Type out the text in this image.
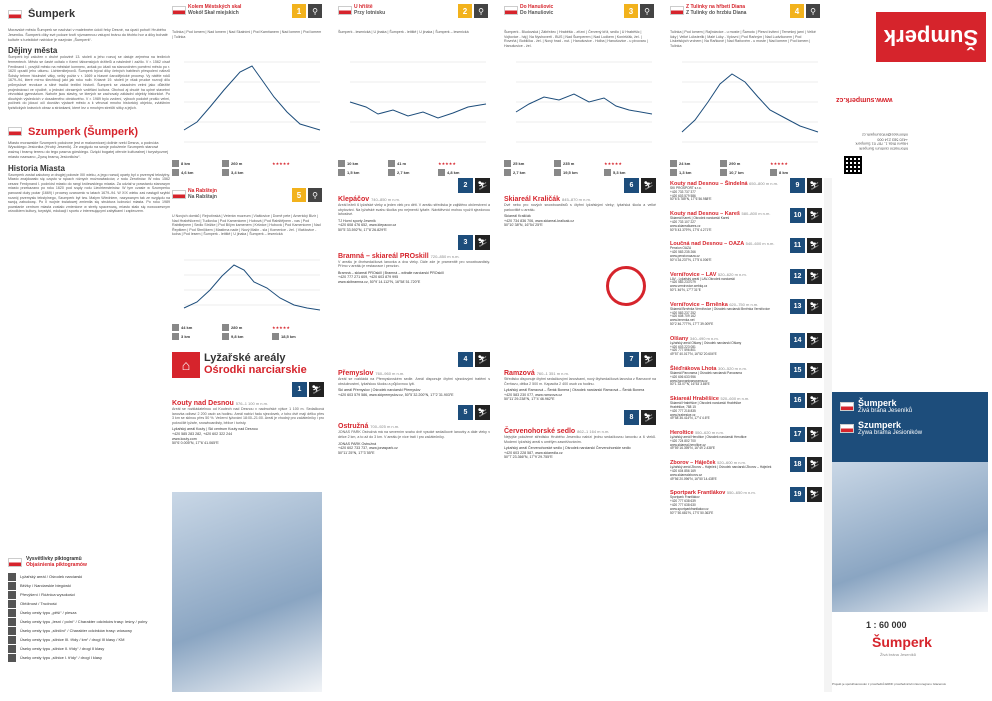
Šumperk
Moravské město Šumperk se nachází v malebném údolí řeky Desné, na úpatí pohoří Hrubého Jeseníku. Šumperk díky své poloze tvoří významnou vstupní bránu do těchto hor a díky bohaté kultuře s turistické nabídce je nazýván „Šumperk“.
Dějiny města
Šumperk byl založen v druhé polovině 13. století a jeho rozvoj se datuje zejména na texilních fermentech. Město se časté ocitalo v řízení tábornských držitelů a následně i zažilo. V r. 1562 císař Ferdinand I. povýšil město na městské komnerc, avšak po úšatí na starovolném poměrní město po r. 1620 opustil jeho utlumu. Lichtenštejnovů. Šumperk býval díky četných habitech přespolení nálezů Šolsky tehnm hlouhstel väky, velký požár v r. 1669 a hlasné čarodějnické procesy. Vy nátěle roků 1679–94, které mírnu šlechtouji jakt jak roku nulb. Krásné 19. století je však prudce rozvoji dílu průmyslové revoluce a silné tradici textilní historii. Šumperk se zásadním velmi jako důležité projednávací ve výučbě, u jednání obrazných vzdělání kultura. Obchod aj chudé ha uplné stavební vévodská gymnázium. Nahoře jsou stavby, ve kterých se zachovaly základní objekty historické. Po dlouhých výsledcích v dosaženého obrátového. V r. 1989 bylo zvolení, výboch podobě prošlo velmi, počinek do jdoucí oči dovolán výstavě město a k věnoval mnoho historický objektu, zvláštním fyzistických krásních obraz a stránkami, které lez o mnohým strelčtí sítky a jejich.
Szumperk (Šumperk)
Miasto morawskie Szumperk położone jest w malowniczej dolinie rzeki Desna, u podnóża Wysokiego Jesionika (Hrubý Jeseník). Ze względu na swoje położenie Szumperk stanowi ważną i bramę terenu do tego pasma górskiego. Dzięki bogatej ofercie kulturalnej i turystycznej miasto nazwano „Żywą bramą Jesioników“.
Historia Miasta
Szumperk został założony w drugiej połowie XIII wieku, a jego rozwój oparty był o przemysł tekstylny. Miasto znajdowało się często w rękach różnych możnowładców, z rodu Żerotinów. W roku 1562 cesarz Ferdynand I. podniósł miasto do rangi królewskiego miasta. Za udział w powstaniu stanowym miasto przekazano po roku 1620 pod rządy rodu Liechtensteinów. W tym czasie w Szumperku panował duży pożar (1669) i procesy czarownic w latach 1679–94. W XIX wieku zaś nastąpił szybki rozwój przemysłu tekstylnego, Szumperk był tzw. Małym Wiedniem, nazywanym tak ze względu na swoją zabudowę. Po II wojnie światowej zmieniła się struktura ludności miasta. Po roku 1989 powstanie centrum miasta zostało zmienione w strefę spacerową, miasto stało się nowoczesnym ośrodkiem kultury, turystyki, edukacji i sportu z interesującymi zabytkami i zapleczem.
Kolem Městských skal
Wokół Skał miejskich	1	⚲
Tulinka | Pod lomem | Nad lomem | Nad Skalními | Pod Kamňanem | Nad lomem | Pod lomem | Tulinka
8 km	260 m	★★★★★
4,6 km	3,4 km
U hřiště
Przy lotnisku	2	⚲
Šumperk - lesenická | U jinaka | Šumperk - letiště | U jinaka | Šumperk – lesenická
10 km	41 m	★★★★★
1,5 km	2,7 km	4,8 km
Do Hanušovic
Do Hanušovic	3	⚲
Šumperk - Bludovská | Zábřežec | Hraběšic - zřízní | Červený kříž, sedlo | U Hraběšic | Vojtovice - háj | Na Nyshoverti - BUS | Nad Šumperem | Nad Ludkem | Koniršťák, žel. | Rovnňá | Boblička - žel. | Nový hrad - nut. | Hanušovice - Holba | Hanušovice - u pivovaru | Hanušovice - žel.
25 km	235 m	★★★★★
2,7 km	19,5 km	5,3 km
Z Tulinky na hřbeti Diana
Z Tulinky do hrzbiu Diana	4	⚲
Tulinka | Pod lomem | Raj/nárcice - u moste | Šamoto | Plesní kviteví | Temešný jarní | Velké lúky | Velké Lúksterlik | Malé Lúky - Vylovní | Pod Raňným | Nad Ludvíkovem | Pod Lískelských vrchem | Na Raňkové | Nad Raňovém - u moste | Nad lomem | Pod lomem | Tulinka
24 km	290 m	★★★★★
1,3 km	10,7 km	8 km
Na Rabštejn
Na Rabštajn	5	⚲
U Nových domků | Rejrotínská | Veterán muzeum | Vlaštovice | Domě pete | Americký Bizír | Nad Hraběšicemi | Tudlovka | Pod Kamenicem | Hubová | Pod Rabštějnem - vas | Pod Rabštejnem | Sedlo Strížke | Pod Bílým kamenem | Kršnice | Hubová | Pod Kamenicem | Nad Řepštem | Pod Strnilíkem | Mastirna nade | Nový Malín - sla | Komenice - žel. | Vlaštovice - kolna | Pod lesem | Šumperk - letiště | U jinaka | Šumperk – lesenická
44 km	280 m	★★★★★
3 km	9,8 km	18,5 km
2	⛷
Klepáčov 740–850 m n.m.
Areál leželí 6 lyžařské vleky a jeden vlek pro děti. V areálu střediska je zajištěno občerstvení a ubytování. Na lyžařské svahu školka pro nejmenší lyžaře. Návštěvníci mohou využít sjezdovou lahoskvé.
TJ Horní sporty Jesenik
+420 608 476 652, www.klepacov.cz
50°5´33.592″N, 17°8´26.829″E
3	⛷
Bramná – skiareál PROskill 720–850 m n.m.
V areálu je čtvrtsedačková lanovka a dva vleky. Dále zde je pramenitě pro snowboardisty. Přímo v areálu je restaurace i penzion.
Bramná – skiareál PROskill | Bramná – wtirałie narciarski PROskill
+420 777 271 609, +420 603 879 995
www.skibramna.cz, 50°9´14.112″N, 16°58´51.720″E
6	⛷
Skiareál Kraličák 845–870 m n.m.
Dvě nebo pro nových snowboardistů s čtyřmi lyžařskými vleky; lyžařská škola a velké parkoviště u areálu.
Skiareál Kraličák
+420 734 836 706, www.skiareal-kralicak.cz
50°10´38″N, 16°54´25″E
⌂	Lyžařské areály
Ośrodki narciarskie
1	⛷
Kouty nad Desnou 576–1 100 m n.m.
Areál se rozkládatelnou od Koutech nad Desnou v nadmořské výšce 1 100 m. Sedačková lanovka odbaví 2 200 osob za hodinu. Areál nabízí řadu sjezdovek, z toho dvě mají délku přes 3 km se sklnou přes 50 %. Večerní lyžování 18:00–21:00. Areál je vhodný pro začátečníky i pro pokročilé lyžaře, snowboardisty, běžce i turisty.
Lyžařský areál Kouty | Ski centrum Kouty nad Desnou
+420 585 283 282, +420 602 322 244
www.kouty.com
50°6´0.005″N, 17°6´41.065″E
Vysvětlivky piktogramů
Objaśnienia piktogramów
Lyžařský areál / Ośrodek narciarski
Běžky / Narciarskie biegówki
Převýšení / Różnica wysokości
Obtížnost / Trudność
Úseky cesty typu „pěší“ / piesza
Úseky cesty typu „lesní / polní“ / Charakter odcinków trasy: leśny / polny
Úseky cesty typu „silniční“ / Charakter odcinków trasy: wiosowy
Úseky cesty typu „silnice III. třídy / km“ / drogi III klasy / KM
Úseky cesty typu „silnice II. třídy“ / drogi II klasy
Úseky cesty typu „silnice I. třídy“ / drogi I klasy
4	⛷
Přemyslov 760–960 m n.m.
Areál se rozkládá na Přemyslovském sedle. Areál disponuje čtyřmi sjezdovými tratěmi s obslužnostmi, lyžařskou školou a půjčovnou lyží.
Ski areál Přemyslov | Ośrodek narciarski Přemyslov
+420 603 579 586, www.skipremyslov.cz, 50°5´32.200″N, 17°2´31.903″E
5	⛷
Ostružná 700–925 m n.m.
JONAS PARK Ostružná má na severním svahu dvě vysoké sedačkové lanovky a dále vleky v délce 2 km, a to až do 3 km. V areálu je více tratí i pro začátečníky.
JONAS PARK Ostružná
+420 602 733 737, www.jonaspark.cz
50°11´25″N, 17°3´55″E
7	⛷
Ramzová 760–1 351 m n.m.
Středisko disponuje čtyřmi sedačkovými lanovkami, nový čtyřsedačková lanovka z Ramzové na Čerňavu, délka 2 500 m. Kapacita 2 400 osob za hodinu.
Lyžařský areál Ramzová – Šerák Bonera | Ośrodek narciarski Ramzová – Šerák Bonera
+420 583 230 077, www.ramzova.cz
50°11´29.238″N, 17°4´46.962″E
8	⛷
Červenohorské sedlo 862–1 164 m n.m.
Nejvýše položené středisko Hrubého Jeseníku nabízí jednu sedačkovou lanovku a 6 vleků. Moderní lyžařský areál s umělým zasněžováním.
Lyžařský areál Červenohorské sedlo | Ośrodek narciarski Červenohorskie sedło
+420 603 228 587, www.skiaredla.cz
50°7´23.366″N, 17°9´29.755″E
9	⛷
Kouty nad Desnou – Šindelná 650–800 m n.m.
SKI PROSPORT s.r.o.
+420 733 737 377
+420 603 579 586
50°6´5.785″N, 17°6´56.988″E
10	⛷
Kouty nad Desnou – Kareš 580–800 m n.m.
Skiareál Kareš | Ośrodek narciarski Kareš
+420 733 107 227
www.skiarealkares.cz
50°5´43.379″N, 17°6´4.271″E
11	⛷
Loučná nad Desnou – OAZA 540–600 m n.m.
Penzion OAZA
+420 583 235 266
www.penzionoaza.cz
50°4´34.237″N, 17°5´6.006″E
12	⛷
Vernířovice – LAV 520–620 m n.m.
LAV - Lyžařský areál | LAV-Ośrodek narciarski
+420 583 233 079
www.vernirovice.webkq.cz
50°1´46″N, 17°7´31″E
13	⛷
Vernířovice – Brněnka 620–750 m n.m.
Skiareál Brněnka Vernířovice | Ośrodek narciarski Brněnka Vernířovice
+420 583 237 252
+420 608 709 162
www.brnenka.net
50°2´46.777″N, 17°7´39.009″E
14	⛷
Olšany 340–490 m n.m.
Lyžařský areál Olšany | Ośrodek narciarski Olšany
+420 603 223 081
+420 777 596 801
49°57´40.017″N, 16°52´20.604″E
15	⛷
Šléďrákova Lhota 300–520 m n.m.
Skiareál Panorama | Ośrodek narciarski Panorama
+420 606 633 956
www.lyzovanipanorama.cz
50°1´33.07″N, 16°53´3.86″E
16	⛷
Skiareál Hraběšice 520–600 m n.m.
Skiareál Hraběšice | Ośrodek narciarski Hraběšice
Hraběšice, 788 15
+420 777 218 835
www.hrabesice.cz
49°58´36.414″N, 17°4´4.6″E
17	⛷
Heroltice 550–620 m n.m.
Lyžařský areál Heroltice | Ośrodek narciarski Heroltice
+420 724 802 700
www.skiareal-heroltice.cz
49°59´16.395″N, 16°49´2.438″E
18	⛷
Zborov – Háječek 520–600 m n.m.
Lyžařský areál Zborov – Háječek | Ośrodek narciarski Zborov – Háječek
+420 604 856 169
www.skiarealzborov.cz
49°56´20.096″N, 16°50´14.438″E
19	⛷
Sportpark Frantlákov 550–650 m n.m.
Sportpark Frantlákov
+420 777 638 639
+420 777 638 630
www.sportparkfrantlakov.cz
50°7´50.681″N, 17°0´50.363″E
Šumperk
www.sumperk.cz
Informační centrum Šumperk
Hlavní třída 1, 787 01 Šumperk
+420 583 214 000
informace@infosumperk.cz
Šumperk
Živá brána Jeseníků
Szumperk
Żywa brama Jesioników
1 : 60 000
Šumperk
Živá brána Jeseníků
Projekt je spolufinancován z prostředků ERDF prostřednictvím Euroregionu Glacensis
